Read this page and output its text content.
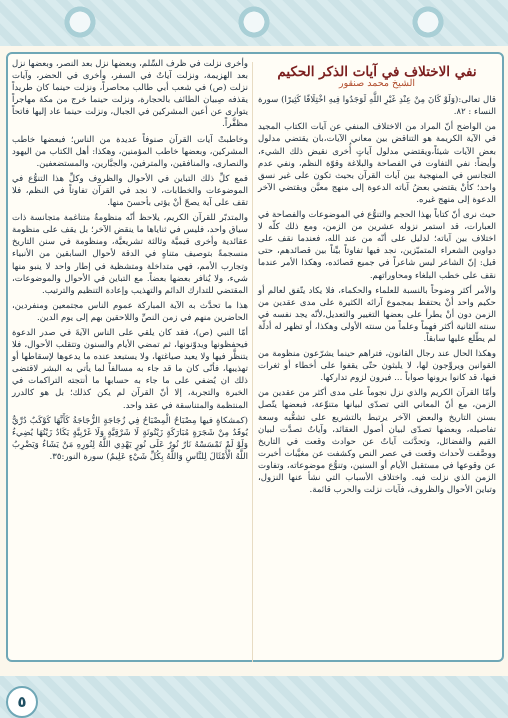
نفي الاختلاف في آيات الذكر الحكيم
الشيخ محمد صنقور

قال تعالى:(وَلَوْ كَانَ مِنْ عِنْدِ غَيْرِ اللَّهِ لَوَجَدُوا فِيهِ اخْتِلَافًا كَثِيرًا) سورة النساء : ٨٢.

من الواضح أنّ المراد من الاختلاف المنفي عن آيات الكتاب المجيد في الآية الكريمة هو التناقض بين معاني الآيات،بان يقتضي مدلول بعض الآيات شيئاً،ويقتضي مدلول آياتٍ أُخرى نقيض ذلك الشيء، وأيضاً: نفي التفاوت في الفصاحة والبلاغة وقوّة النظم، ونفي عدم التجانس في المنهجية بين آيات القرآن بحيث تكون على غير نسق واحد؛ كأنْ يقتضي بعضُ آياته الدعوة إلى منهج معيَّن ويقتضي الآخر الدعوة إلى منهج غيره.

حيث نرى أنّ كتاباً بهذا الحجم والتنوُّع في الموضوعات والفصاحة في العبارات، قد استمر نزوله عشرين من الزمن، ومع ذلك كلّه لا اختلاف بين آياته؛ لدليل على أنّه من عند الله، فعندما نقف على دواوين الشعراء المتميّزين، نجد فيها تفاوتاً بيِّناً بين قصائدهم، حتى قيل: إنّ الشاعر ليس شاعراً في جميع قصائده، وهكذا الأمر عندما نقف على خطب البلغاء ومحاوراتهم.

والأمر أكثر وضوحاً بالنسبة للعلماء والحكماء، فلا يكاد يتّفق لعالم أو حكيم واحد أنْ يحتفظ بمجموع آرائه الكثيرة على مدى عقدين من الزمن دون أنْ يطرأ على بعضها التغيير والتعديل،لأنّه يجد نفسه في سنته الثانية أكثر فهماً وعلماً من سنته الأولى وهكذا، أو تظهر له أدلّة لم يطّلع عليها سابقاً.

وهكذا الحال عند رجال القانون، فتراهم حينما يشرّعون منظومة من القوانين ويروِّجون لها، لا يلبثون حتّى يقفوا على أخطاء أو ثغرات فيها، قد كانوا يرونها صواباً ... فيرون لزوم تداركها.

وأمّا القرآن الكريم والذي نزل نجوماً على مدى أكثر من عقدين من الزمن، مع أنّ المعاني التي تصدّى لبيانها متنوِّعة، فبعضها يتّصل بسنن التاريخ والبعض الآخر يرتبط بالتشريع على تشعُّبه وسعة تفاصيله، وبعضها تصدّى لبيان أصول العقائد، وآياتٌ تصدَّت لبيان القيم والفضائل، وتحدَّثت آياتٌ عن حوادث وقعت في التاريخ ووصَّفت لأحداث وقعت في عصر النص وكشفت عن مغيَّبات أخبرت عن وقوعها في مستقبل الأيام أو السنين، وتنوُّع موضوعاته، وتفاوت الزمن الذي نزلت فيه. واختلاف الأسباب التي نشأ عنها النزول، وتباين الأحوال والظروف، فآيات نزلت والحرب قائمة.

وأخرى نزلت في ظرف السِّلم، وبعضها نزل بعد النصر، وبعضها نزل بعد الهزيمة، ونزلت آياتٌ في السفر، وأخرى في الحضر، وآيات نزلت (ص) في شعب أبي طالب محاصراً، ونزلت حينما كان طريداً يقذفه صِبيان الطائف بالحجارة، ونزلت حينما خرج من مكة مهاجراً يتوارى عن أعين المشركين في الجبال، ونزلت حينما عاد إليها فاتحاً مظفَّراً.

وخاطبتْ آيات القرآن صنوفاً عديدة من الناس؛ فبعضها خاطب المشركين، وبعضها خاطب المؤمنين، وهكذا: أهل الكتاب من اليهود والنصارى، والمنافقين، والمترفين، والجبَّارين، والمستضعفين.

فمع كلِّ ذلك التباين في الأحوال والظروف وكلِّ هذا التنوُّع في الموضوعات والخطابات، لا نجد في القرآن تفاوتاً في النظم، فلا تقف على آية يصحّ أنْ يؤتى بأحسنَ منها.

والمتدبّر للقرآن الكريم، يلاحظ أنّه منظومةٌ متناغمة متجانسة ذات سياق واحد، فليس في ثناياها ما ينقض الآخر؛ بل يقف على منظومة عقائدية وأخرى قيميَّة وثالثة تشريعيَّة، ومنظومة في سنن التاريخ منسجمةً بتوصيف متناهٍ في الدقة لأحوال السابقين من الأنبياء وتجارب الأمم، فهي متداخلة ومتشظية في إطار واحد لا ينبو منها شيء، ولا يُنافر بعضها بعضاً. مع التباين في الأحوال والموضوعات، المقتضي للتدارك الدائم والتهذيب وإعادة التنظيم والترتيب.

هذا ما تحدَّث به الآية المباركة عموم الناس مجتمعين ومنفردين، الحاضرين منهم في زمن النصِّ واللاحقين بهم إلى يوم الدين.

أمّا النبي (ص)، فقد كان يلقي على الناس الآيةَ في صدر الدعوة فيحفظونها ويدوّنونها، ثم تمضي الأيام والسنون وتتقلب الأحوال، فلا يتنظَّر فيها ولا يعيد صياغتها، ولا يستبعد عنده ما يدعوها لإسقاطها أو تهذيبها، فأنّى كان ما قد جاء به مسالفاً لما يأتي به البشر لاقتضى ذلك ان يُضفي على ما جاء به حسابها ما أنتجته التراكمات في الخبرة والتجربة، إلا أنّ القرآن لم يكن كذلك؛ بل هو كالدرر المنتظمة والمتناسقة في عقد واحد.

(كمشكاةٍ فيها مِصْبَاحٌ الْمِصْبَاحُ فِي زُجَاجَةٍ الزُّجَاجَةُ كَأَنَّهَا كَوْكَبٌ دُرِّيٌّ يُوقَدُ مِنْ شَجَرَةٍ مُبَارَكَةٍ زَيْتُونَةٍ لَا شَرْقِيَّةٍ وَلَا غَرْبِيَّةٍ يَكَادُ زَيْتُهَا يُضِيءُ وَلَوْ لَمْ تَمْسَسْهُ نَارٌ نُورٌ عَلَى نُورٍ يَهْدِي اللَّهُ لِنُورِهِ مَنْ يَشَاءُ وَيَضْرِبُ اللَّهُ الْأَمْثَالَ لِلنَّاسِ وَاللَّهُ بِكُلِّ شَيْءٍ عَلِيمٌ) سورة النور:٣٥.

٥
